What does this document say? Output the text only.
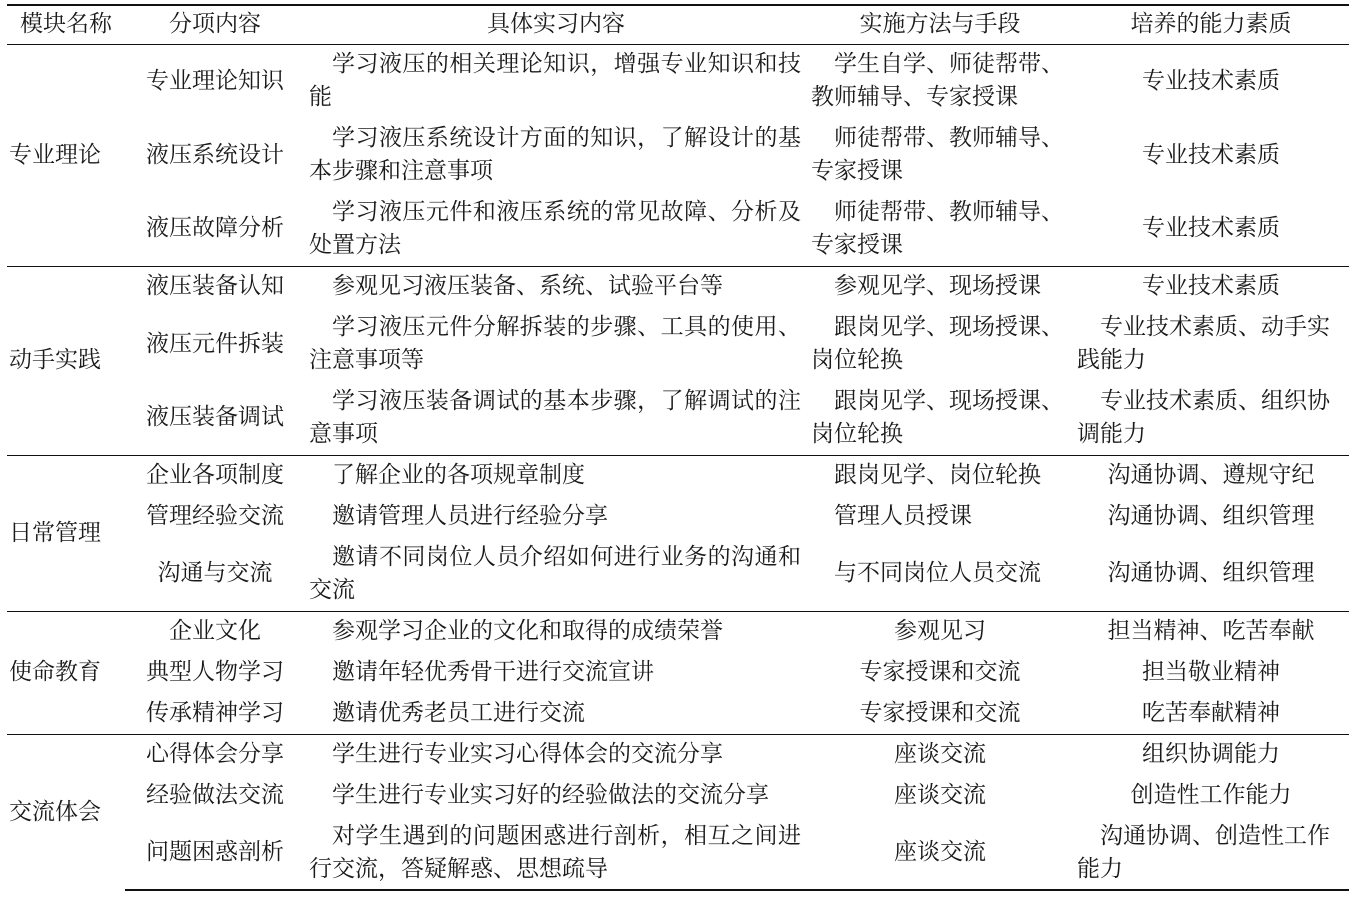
模块名称	分项内容	具体实习内容	实施方法与手段	培养的能力素质
专业理论	专业理论知识	学习液压的相关理论知识，增强专业知识和技能	学生自学、师徒帮带、教师辅导、专家授课	专业技术素质
	液压系统设计	学习液压系统设计方面的知识，了解设计的基本步骤和注意事项	师徒帮带、教师辅导、专家授课	专业技术素质
	液压故障分析	学习液压元件和液压系统的常见故障、分析及处置方法	师徒帮带、教师辅导、专家授课	专业技术素质
动手实践	液压装备认知	参观见习液压装备、系统、试验平台等	参观见学、现场授课	专业技术素质
	液压元件拆装	学习液压元件分解拆装的步骤、工具的使用、注意事项等	跟岗见学、现场授课、岗位轮换	专业技术素质、动手实践能力

	液压装备调试	学习液压装备调试的基本步骤，了解调试的注意事项	跟岗见学、现场授课、岗位轮换	专业技术素质、组织协调能力

日常管理	企业各项制度	了解企业的各项规章制度	跟岗见学、岗位轮换	沟通协调、遵规守纪
	管理经验交流	邀请管理人员进行经验分享	管理人员授课	沟通协调、组织管理
	沟通与交流	邀请不同岗位人员介绍如何进行业务的沟通和交流	与不同岗位人员交流	沟通协调、组织管理
使命教育	企业文化	参观学习企业的文化和取得的成绩荣誉	参观见习	担当精神、吃苦奉献
	典型人物学习	邀请年轻优秀骨干进行交流宣讲	专家授课和交流	担当敬业精神
	传承精神学习	邀请优秀老员工进行交流	专家授课和交流	吃苦奉献精神
交流体会	心得体会分享	学生进行专业实习心得体会的交流分享	座谈交流	组织协调能力
	经验做法交流	学生进行专业实习好的经验做法的交流分享	座谈交流	创造性工作能力
	问题困惑剖析	对学生遇到的问题困惑进行剖析，相互之间进行交流，答疑解惑、思想疏导	座谈交流	沟通协调、创造性工作能力
